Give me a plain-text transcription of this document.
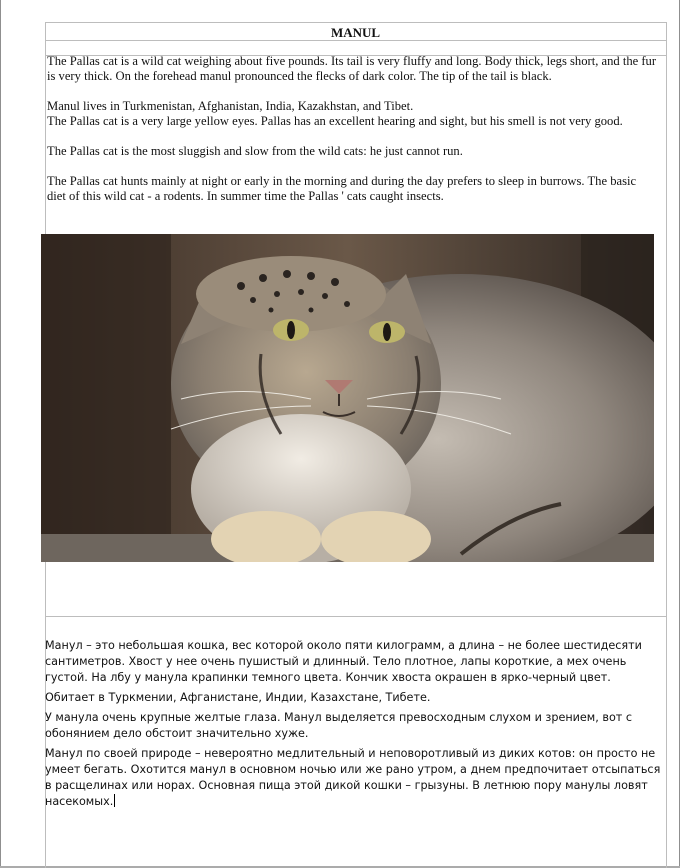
MANUL

The Pallas cat is a wild cat weighing about five pounds. Its tail is very fluffy and long. Body thick, legs short, and the fur is very thick. On the forehead manul pronounced the flecks of dark color. The tip of the tail is black.

Manul lives in Turkmenistan, Afghanistan, India, Kazakhstan, and Tibet.
The Pallas cat is a very large yellow eyes. Pallas has an excellent hearing and sight, but his smell is not very good.

The Pallas cat is the most sluggish and slow from the wild cats: he just cannot run.

The Pallas cat hunts mainly at night or early in the morning and during the day prefers to sleep in burrows. The basic diet of this wild cat - a rodents. In summer time the Pallas ' cats caught insects.

Манул – это небольшая кошка, вес которой около пяти килограмм, а длина – не более шестидесяти сантиметров. Хвост у нее очень пушистый и длинный. Тело плотное, лапы короткие, а мех очень густой. На лбу у манула крапинки темного цвета. Кончик хвоста окрашен в ярко-черный цвет.

Обитает в Туркмении, Афганистане, Индии, Казахстане, Тибете.

У манула очень крупные желтые глаза. Манул выделяется превосходным слухом и зрением, вот с обонянием дело обстоит значительно хуже.

Манул по своей природе – невероятно медлительный и неповоротливый из диких котов: он просто не умеет бегать. Охотится манул в основном ночью или же рано утром, а днем предпочитает отсыпаться в расщелинах или норах. Основная пища этой дикой кошки – грызуны. В летнюю пору манулы ловят насекомых.
